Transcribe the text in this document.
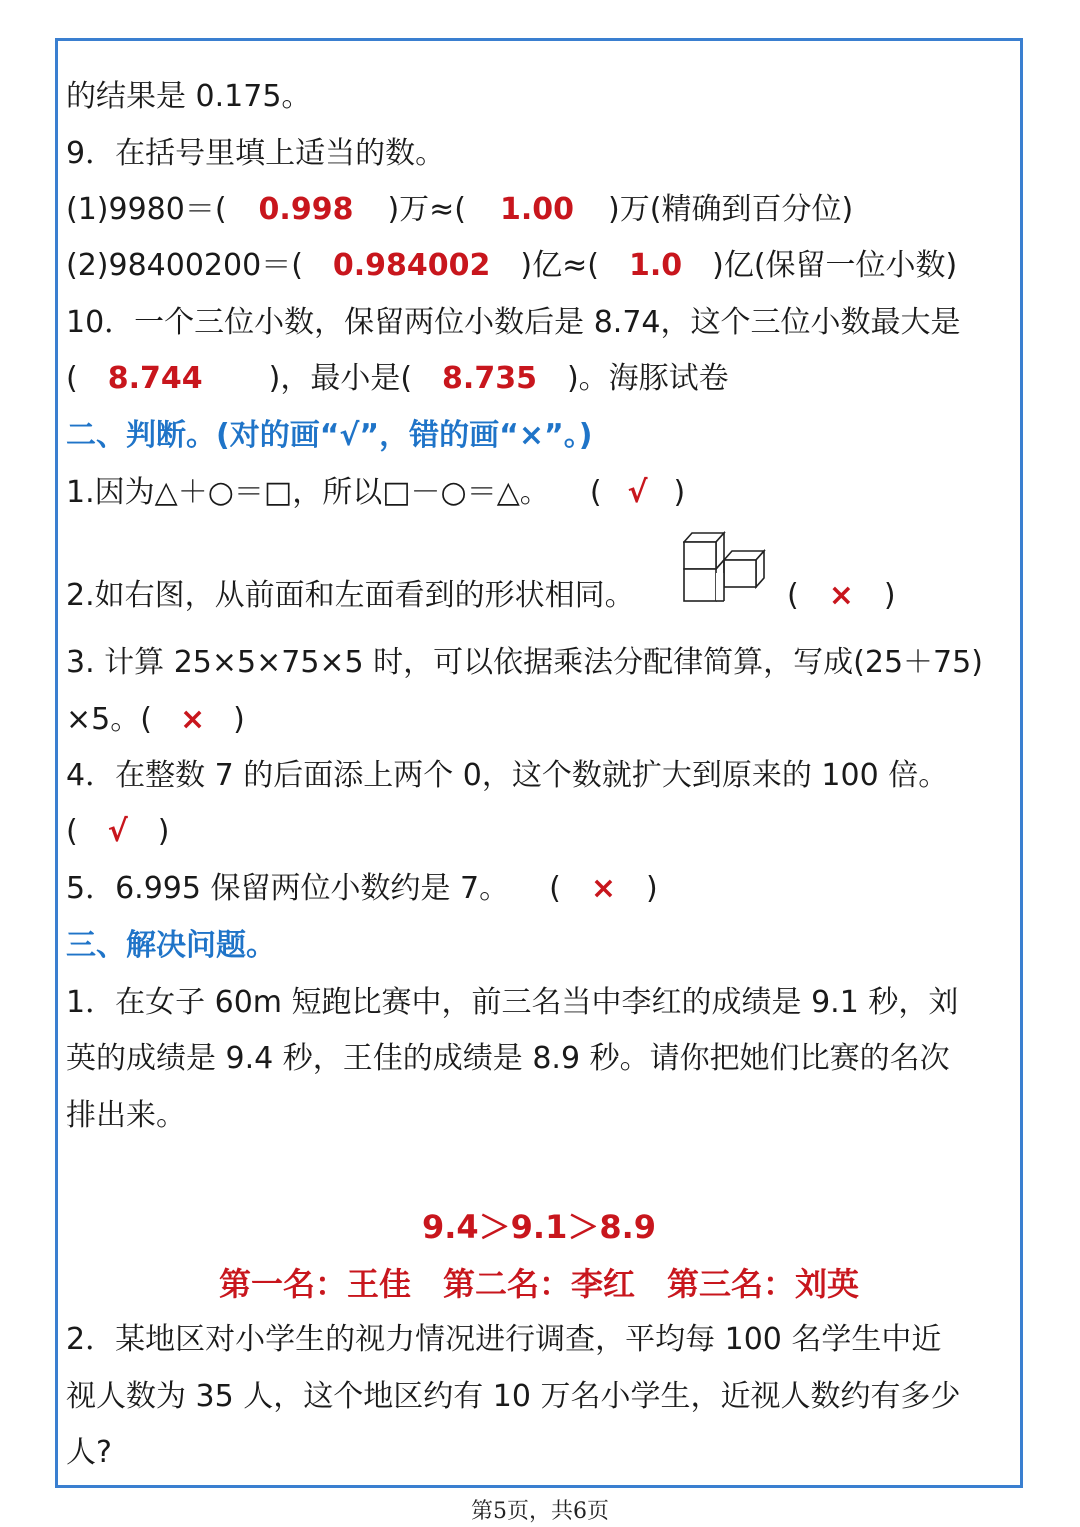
的结果是 0.175。
9．在括号里填上适当的数。
(1)9980＝( 0.998 )万≈( 1.00 )万(精确到百分位)
(2)98400200＝( 0.984002 )亿≈( 1.0 )亿(保留一位小数)
10．一个三位小数，保留两位小数后是 8.74，这个三位小数最大是
( 8.744 )，最小是( 8.735 )。海豚试卷
二、判断。(对的画“√”，错的画“×”。)
1.因为△＋○＝□，所以□－○＝△。 ( √ )
2.如右图，从前面和左面看到的形状相同。	( × )
3. 计算 25×5×75×5 时，可以依据乘法分配律简算，写成(25＋75)
×5。( × )
4．在整数 7 的后面添上两个 0，这个数就扩大到原来的 100 倍。
( √ )
5．6.995 保留两位小数约是 7。 ( × )
三、解决问题。
1．在女子 60m 短跑比赛中，前三名当中李红的成绩是 9.1 秒，刘
英的成绩是 9.4 秒，王佳的成绩是 8.9 秒。请你把她们比赛的名次
排出来。
9.4＞9.1＞8.9
第一名：王佳　第二名：李红　第三名：刘英
2．某地区对小学生的视力情况进行调查，平均每 100 名学生中近
视人数为 35 人，这个地区约有 10 万名小学生，近视人数约有多少
人?
第5页，共6页
